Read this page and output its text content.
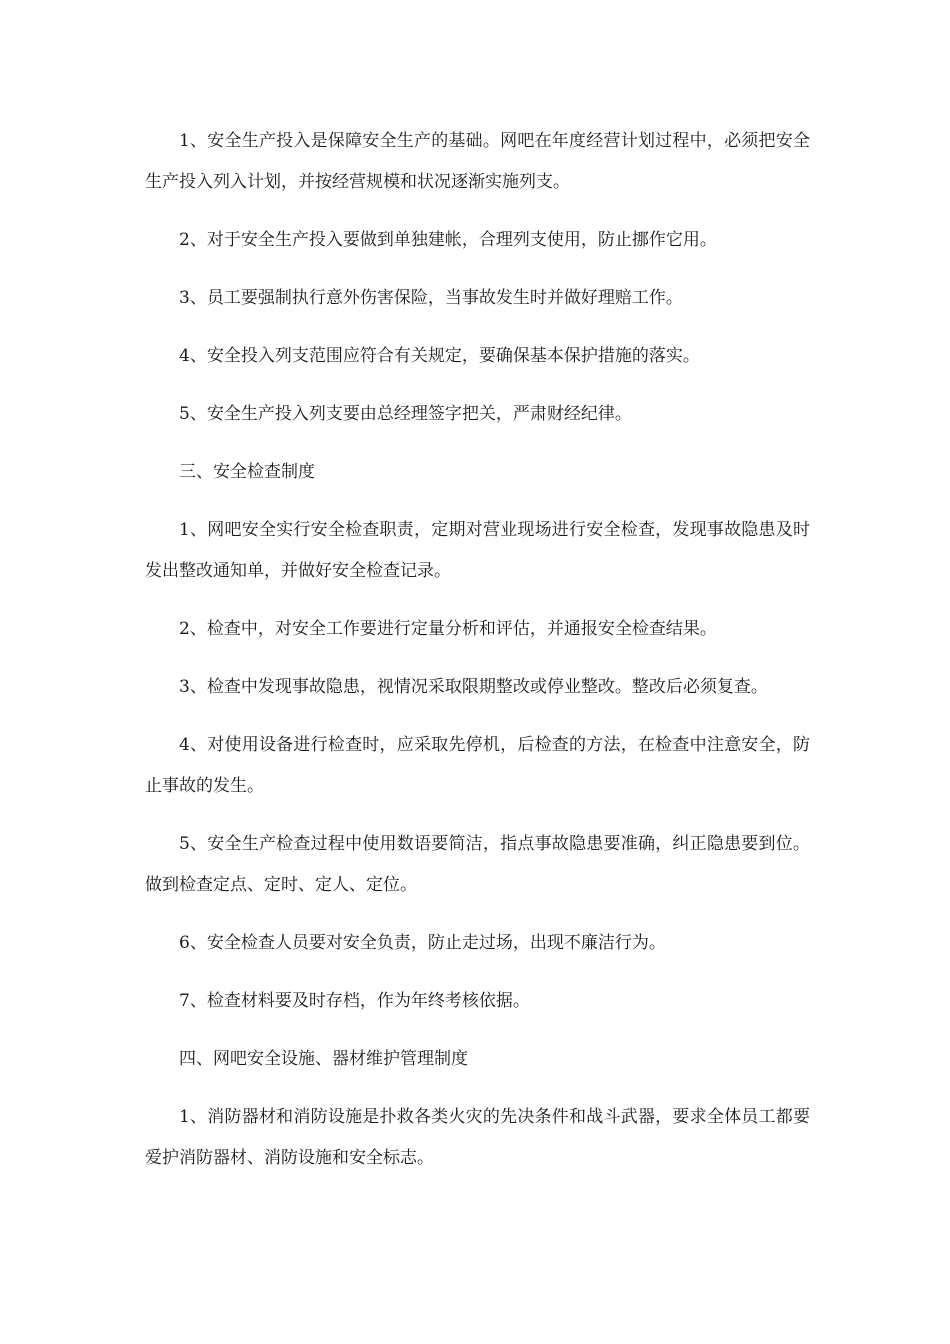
1、安全生产投入是保障安全生产的基础。网吧在年度经营计划过程中，必须把安全生产投入列入计划，并按经营规模和状况逐渐实施列支。

2、对于安全生产投入要做到单独建帐，合理列支使用，防止挪作它用。

3、员工要强制执行意外伤害保险，当事故发生时并做好理赔工作。

4、安全投入列支范围应符合有关规定，要确保基本保护措施的落实。

5、安全生产投入列支要由总经理签字把关，严肃财经纪律。

三、安全检查制度

1、网吧安全实行安全检查职责，定期对营业现场进行安全检查，发现事故隐患及时发出整改通知单，并做好安全检查记录。

2、检查中，对安全工作要进行定量分析和评估，并通报安全检查结果。

3、检查中发现事故隐患，视情况采取限期整改或停业整改。整改后必须复查。

4、对使用设备进行检查时，应采取先停机，后检查的方法，在检查中注意安全，防止事故的发生。

5、安全生产检查过程中使用数语要简洁，指点事故隐患要准确，纠正隐患要到位。做到检查定点、定时、定人、定位。

6、安全检查人员要对安全负责，防止走过场，出现不廉洁行为。

7、检查材料要及时存档，作为年终考核依据。

四、网吧安全设施、器材维护管理制度

1、消防器材和消防设施是扑救各类火灾的先决条件和战斗武器，要求全体员工都要爱护消防器材、消防设施和安全标志。
